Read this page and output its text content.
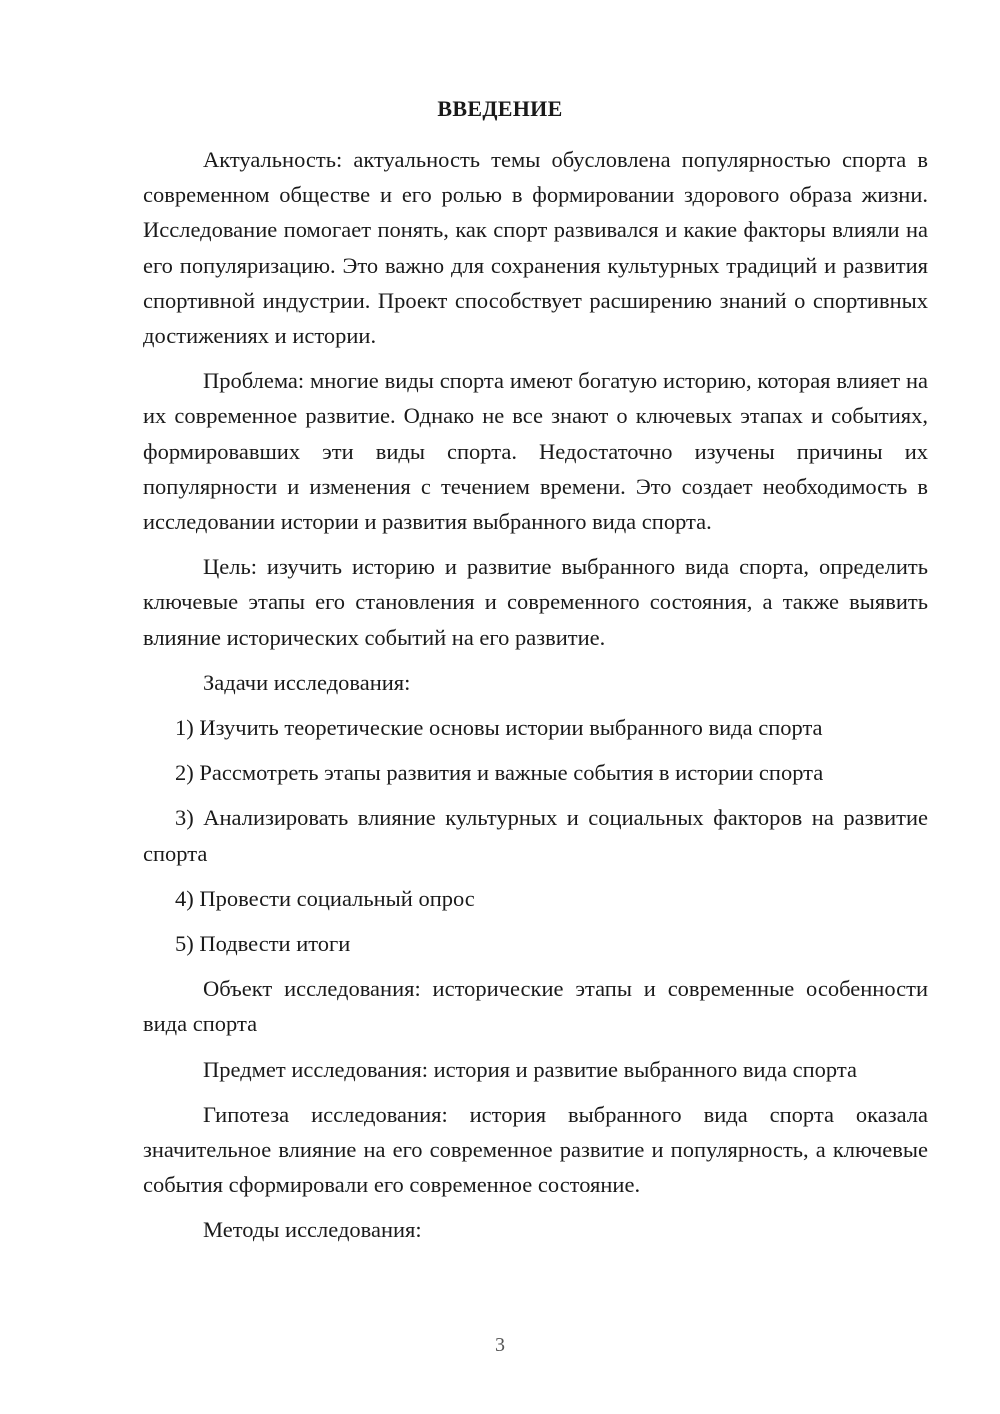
ВВЕДЕНИЕ

Актуальность: актуальность темы обусловлена популярностью спорта в современном обществе и его ролью в формировании здорового образа жизни. Исследование помогает понять, как спорт развивался и какие факторы влияли на его популяризацию. Это важно для сохранения культурных традиций и развития спортивной индустрии. Проект способствует расширению знаний о спортивных достижениях и истории.

Проблема: многие виды спорта имеют богатую историю, которая влияет на их современное развитие. Однако не все знают о ключевых этапах и событиях, формировавших эти виды спорта. Недостаточно изучены причины их популярности и изменения с течением времени. Это создает необходимость в исследовании истории и развития выбранного вида спорта.

Цель: изучить историю и развитие выбранного вида спорта, определить ключевые этапы его становления и современного состояния, а также выявить влияние исторических событий на его развитие.

Задачи исследования:

1) Изучить теоретические основы истории выбранного вида спорта

2) Рассмотреть этапы развития и важные события в истории спорта

3) Анализировать влияние культурных и социальных факторов на развитие спорта

4) Провести социальный опрос

5) Подвести итоги

Объект исследования: исторические этапы и современные особенности вида спорта

Предмет исследования: история и развитие выбранного вида спорта

Гипотеза исследования: история выбранного вида спорта оказала значительное влияние на его современное развитие и популярность, а ключевые события сформировали его современное состояние.

Методы исследования:

3
